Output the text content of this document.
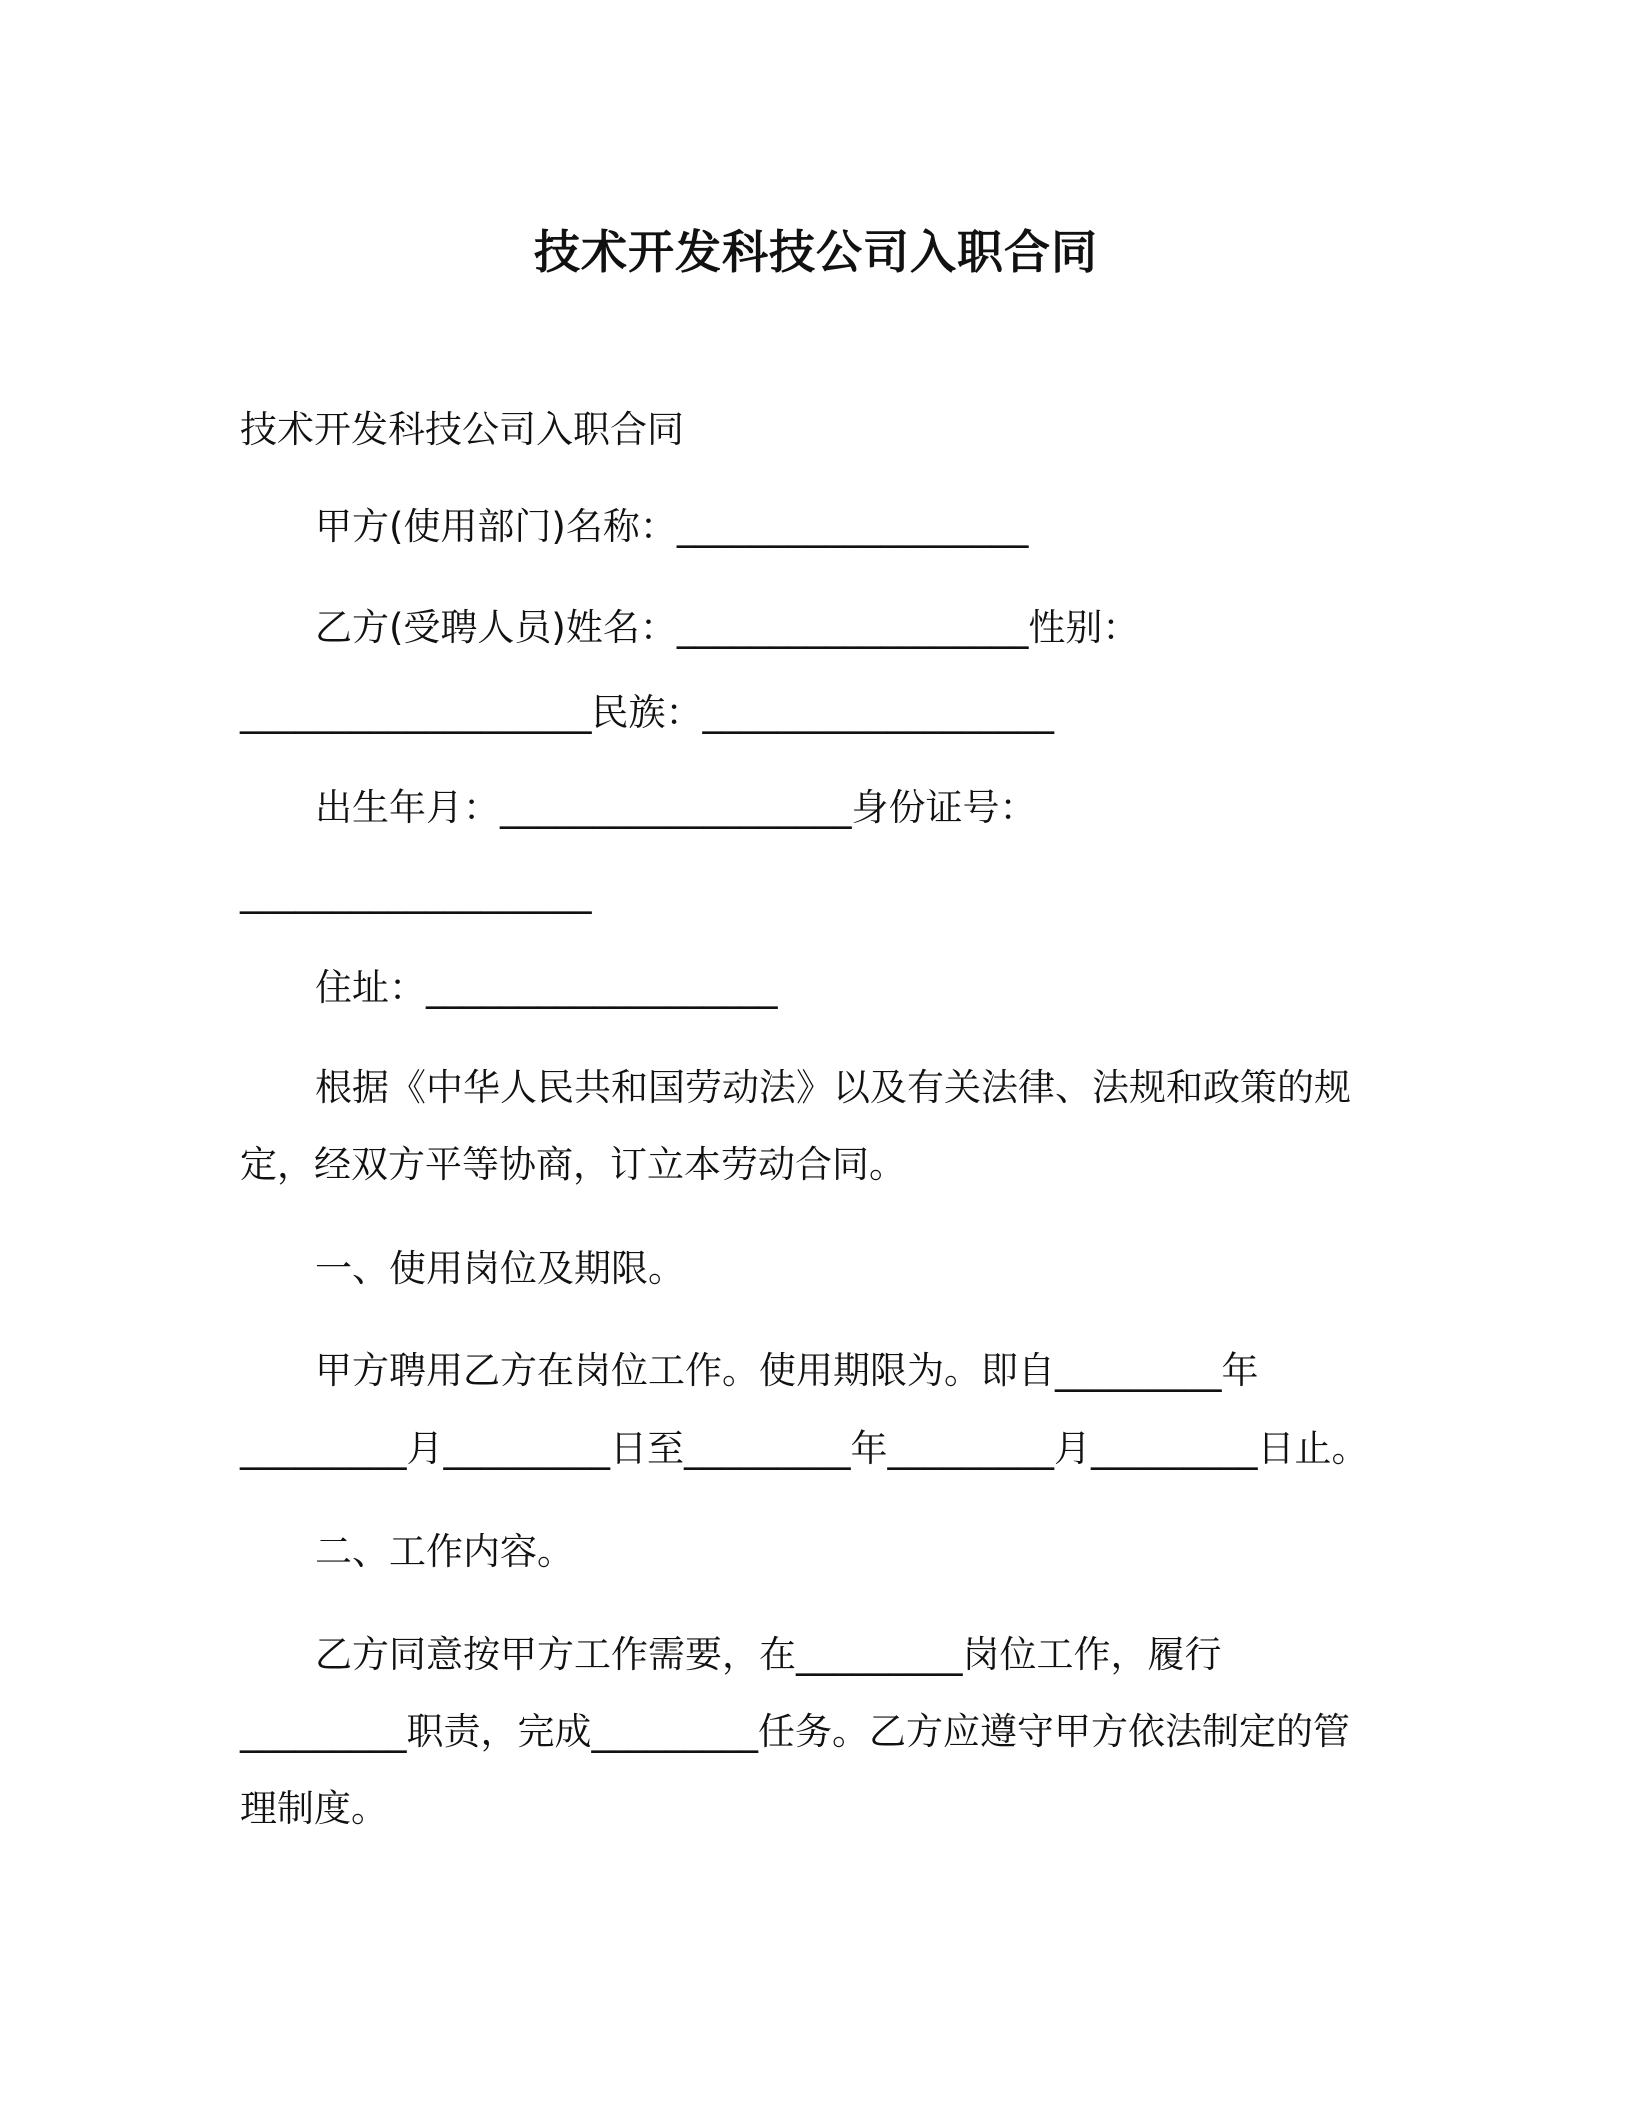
技术开发科技公司入职合同
技术开发科技公司入职合同
甲方(使用部门)名称：___________________
乙方(受聘人员)姓名：___________________性别：
___________________民族：___________________
出生年月：___________________身份证号：
___________________
住址：___________________
根据《中华人民共和国劳动法》以及有关法律、法规和政策的规
定，经双方平等协商，订立本劳动合同。
一、使用岗位及期限。
甲方聘用乙方在岗位工作。使用期限为。即自_________年
_________月_________日至_________年_________月_________日止。
二、工作内容。
乙方同意按甲方工作需要，在_________岗位工作，履行
_________职责，完成_________任务。乙方应遵守甲方依法制定的管
理制度。
